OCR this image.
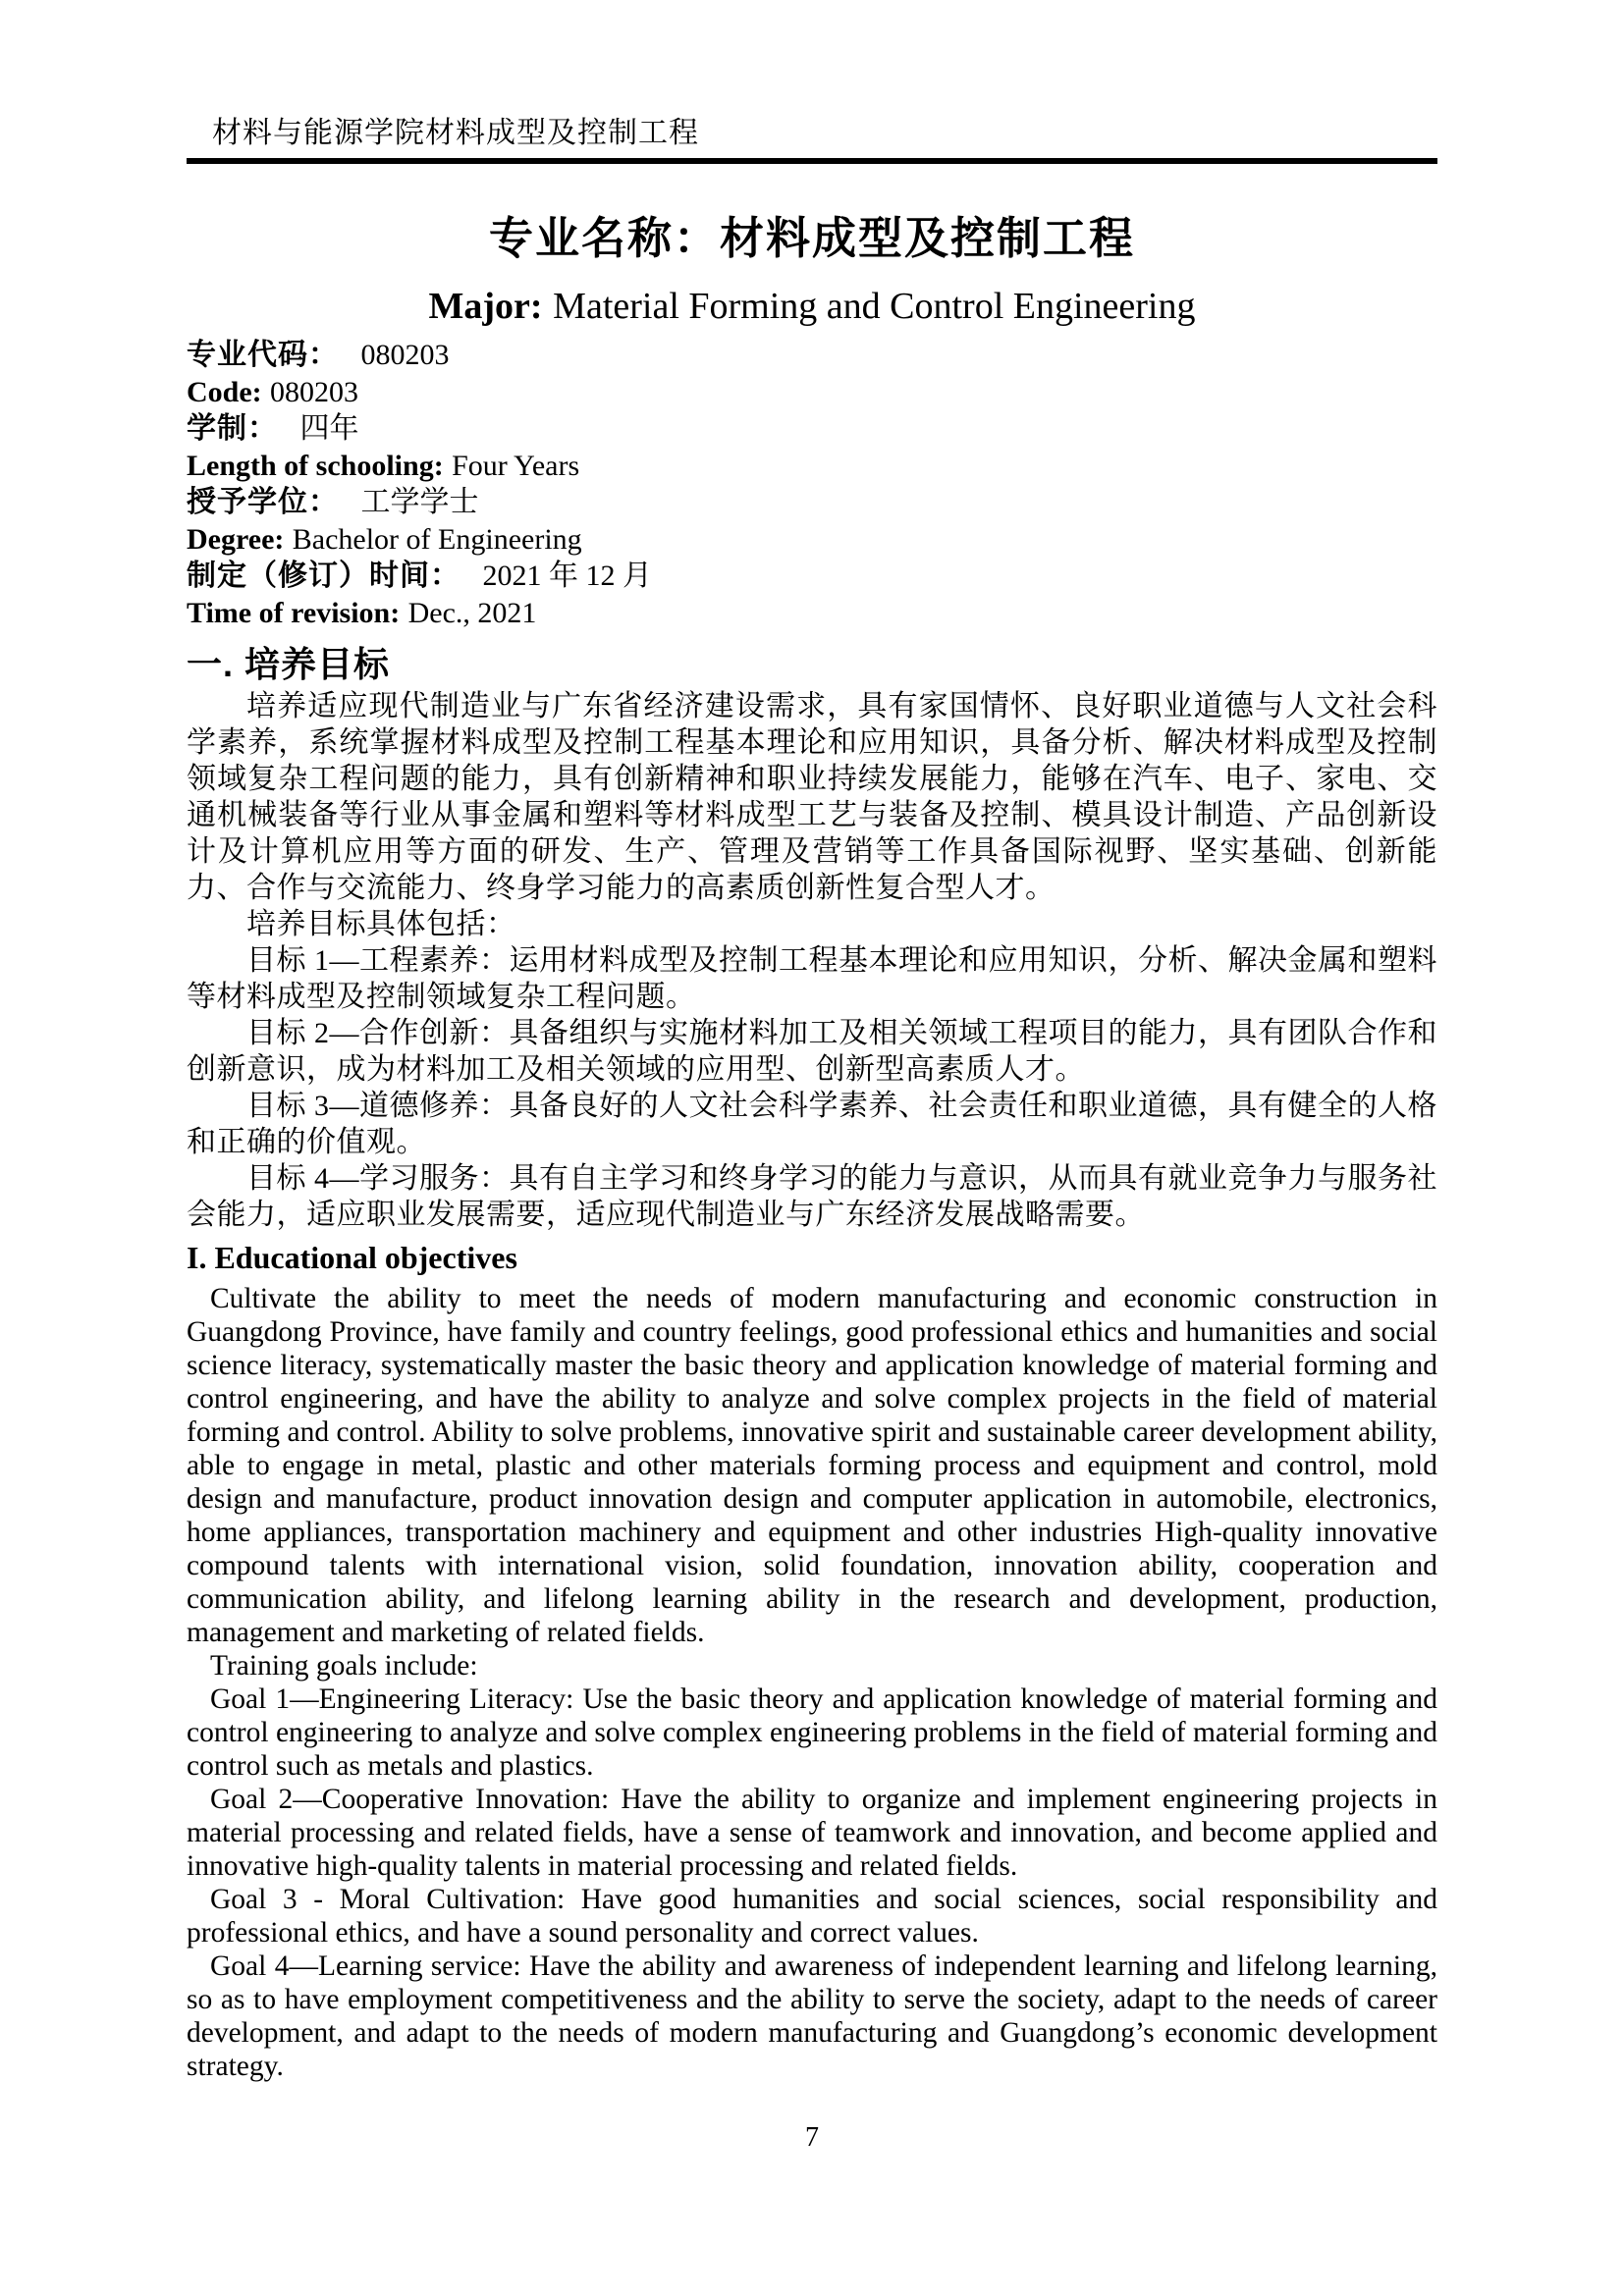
材料与能源学院材料成型及控制工程
专业名称：材料成型及控制工程
Major: Material Forming and Control Engineering
专业代码： 080203
Code: 080203
学制： 四年
Length of schooling: Four Years
授予学位： 工学学士
Degree: Bachelor of Engineering
制定（修订）时间： 2021 年 12 月
Time of revision: Dec., 2021
一. 培养目标

培养适应现代制造业与广东省经济建设需求，具有家国情怀、良好职业道德与人文社会科学素养，系统掌握材料成型及控制工程基本理论和应用知识，具备分析、解决材料成型及控制领域复杂工程问题的能力，具有创新精神和职业持续发展能力，能够在汽车、电子、家电、交通机械装备等行业从事金属和塑料等材料成型工艺与装备及控制、模具设计制造、产品创新设计及计算机应用等方面的研发、生产、管理及营销等工作具备国际视野、坚实基础、创新能力、合作与交流能力、终身学习能力的高素质创新性复合型人才。

培养目标具体包括：

目标 1—工程素养：运用材料成型及控制工程基本理论和应用知识，分析、解决金属和塑料等材料成型及控制领域复杂工程问题。

目标 2—合作创新：具备组织与实施材料加工及相关领域工程项目的能力，具有团队合作和创新意识，成为材料加工及相关领域的应用型、创新型高素质人才。

目标 3—道德修养：具备良好的人文社会科学素养、社会责任和职业道德，具有健全的人格和正确的价值观。

目标 4—学习服务：具有自主学习和终身学习的能力与意识，从而具有就业竞争力与服务社会能力，适应职业发展需要，适应现代制造业与广东经济发展战略需要。

I. Educational objectives

Cultivate the ability to meet the needs of modern manufacturing and economic construction in Guangdong Province, have family and country feelings, good professional ethics and humanities and social science literacy, systematically master the basic theory and application knowledge of material forming and control engineering, and have the ability to analyze and solve complex projects in the field of material forming and control. Ability to solve problems, innovative spirit and sustainable career development ability, able to engage in metal, plastic and other materials forming process and equipment and control, mold design and manufacture, product innovation design and computer application in automobile, electronics, home appliances, transportation machinery and equipment and other industries High-quality innovative compound talents with international vision, solid foundation, innovation ability, cooperation and communication ability, and lifelong learning ability in the research and development, production, management and marketing of related fields.

Training goals include:

Goal 1—Engineering Literacy: Use the basic theory and application knowledge of material forming and control engineering to analyze and solve complex engineering problems in the field of material forming and control such as metals and plastics.

Goal 2—Cooperative Innovation: Have the ability to organize and implement engineering projects in material processing and related fields, have a sense of teamwork and innovation, and become applied and innovative high-quality talents in material processing and related fields.

Goal 3 - Moral Cultivation: Have good humanities and social sciences, social responsibility and professional ethics, and have a sound personality and correct values.

Goal 4—Learning service: Have the ability and awareness of independent learning and lifelong learning, so as to have employment competitiveness and the ability to serve the society, adapt to the needs of career development, and adapt to the needs of modern manufacturing and Guangdong’s economic development strategy.

7
